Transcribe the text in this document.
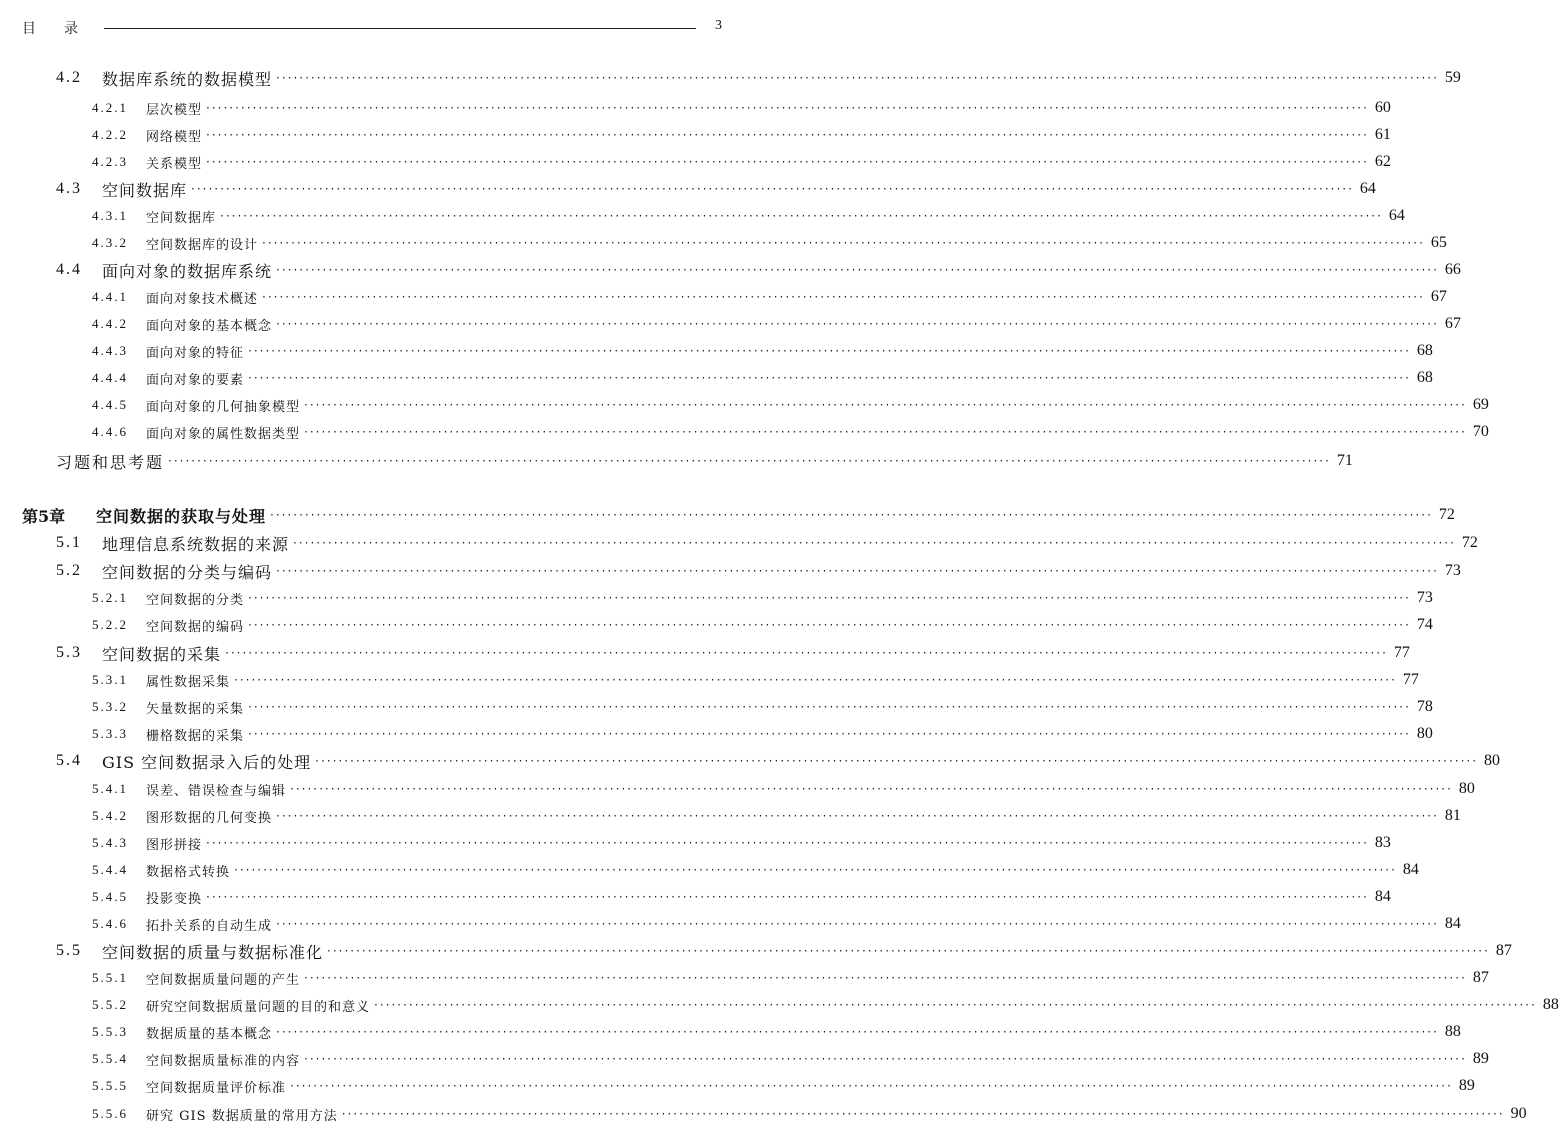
目录	3
4.2	数据库系统的数据模型 ········································································································································································································ 59
4.2.1	层次模型 ········································································································································································································ 60
4.2.2	网络模型 ········································································································································································································ 61
4.2.3	关系模型 ········································································································································································································ 62
4.3	空间数据库 ········································································································································································································ 64
4.3.1	空间数据库 ········································································································································································································ 64
4.3.2	空间数据库的设计 ········································································································································································································ 65
4.4	面向对象的数据库系统 ········································································································································································································ 66
4.4.1	面向对象技术概述 ········································································································································································································ 67
4.4.2	面向对象的基本概念 ········································································································································································································ 67
4.4.3	面向对象的特征 ········································································································································································································ 68
4.4.4	面向对象的要素 ········································································································································································································ 68
4.4.5	面向对象的几何抽象模型 ········································································································································································································ 69
4.4.6	面向对象的属性数据类型 ········································································································································································································ 70
习题和思考题 ········································································································································································································ 71
第5章	空间数据的获取与处理 ········································································································································································································ 72
5.1	地理信息系统数据的来源 ········································································································································································································ 72
5.2	空间数据的分类与编码 ········································································································································································································ 73
5.2.1	空间数据的分类 ········································································································································································································ 73
5.2.2	空间数据的编码 ········································································································································································································ 74
5.3	空间数据的采集 ········································································································································································································ 77
5.3.1	属性数据采集 ········································································································································································································ 77
5.3.2	矢量数据的采集 ········································································································································································································ 78
5.3.3	栅格数据的采集 ········································································································································································································ 80
5.4	GIS 空间数据录入后的处理 ········································································································································································································ 80
5.4.1	误差、错误检查与编辑 ········································································································································································································ 80
5.4.2	图形数据的几何变换 ········································································································································································································ 81
5.4.3	图形拼接 ········································································································································································································ 83
5.4.4	数据格式转换 ········································································································································································································ 84
5.4.5	投影变换 ········································································································································································································ 84
5.4.6	拓扑关系的自动生成 ········································································································································································································ 84
5.5	空间数据的质量与数据标准化 ········································································································································································································ 87
5.5.1	空间数据质量问题的产生 ········································································································································································································ 87
5.5.2	研究空间数据质量问题的目的和意义 ········································································································································································································ 88
5.5.3	数据质量的基本概念 ········································································································································································································ 88
5.5.4	空间数据质量标准的内容 ········································································································································································································ 89
5.5.5	空间数据质量评价标准 ········································································································································································································ 89
5.5.6	研究 GIS 数据质量的常用方法 ········································································································································································································ 90
